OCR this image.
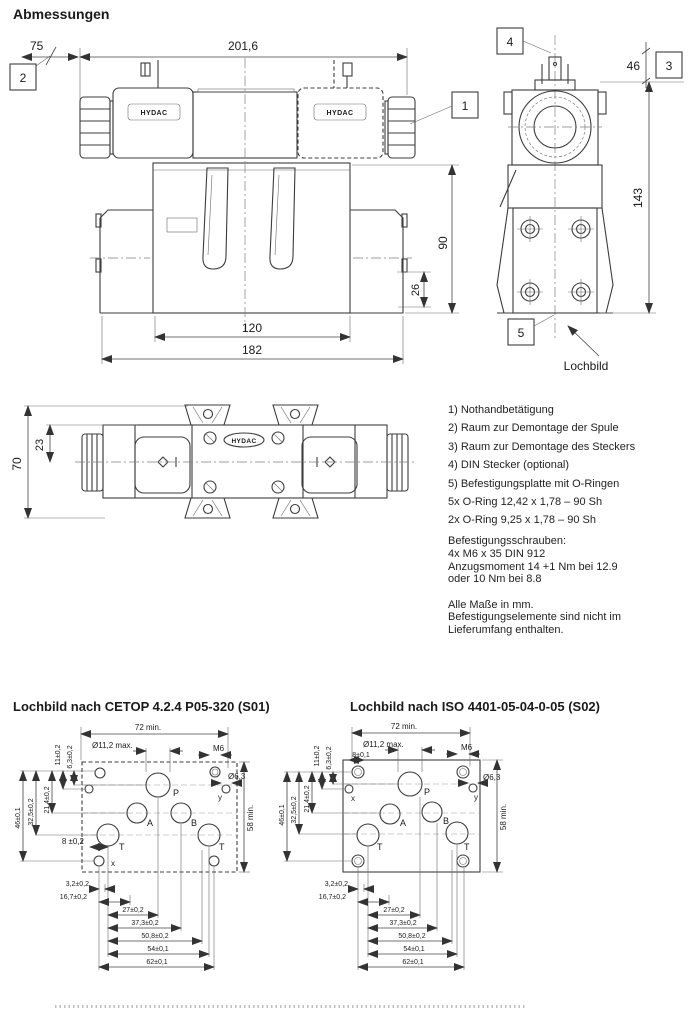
75
2
201,6
HYDAC	HYDAC
1
90
26
120
182
4
46 3
143
5
Lochbild
HYDAC
70
23
P
A	B
T	T
x
y
72 min.
Ø11,2 max.	M6
Ø6,3
58 min.
46±0,1 32,5±0,2 21,4±0,2
11±0,2 6,3±0,2
8 ±0,2
3,2±0,2
16,7±0,2
27±0,2
37,3±0,2
50,8±0,2
54±0,1
62±0,1
P
A	B
T	T
x	y
72 min.
Ø11,2 max.
8±0,1
M6
Ø6,3
58 min.
46±0,1 32,5±0,2 21,4±0,2
11±0,2 6,3±0,2
3,2±0,2
16,7±0,2
27±0,2
37,3±0,2
50,8±0,2
54±0,1
62±0,1
Abmessungen
1) Nothandbetätigung
2) Raum zur Demontage der Spule
3) Raum zur Demontage des Steckers
4) DIN Stecker (optional)
5) Befestigungsplatte mit O-Ringen
5x O-Ring 12,42 x 1,78 – 90 Sh
2x O-Ring 9,25 x 1,78 – 90 Sh
Befestigungsschrauben:
4x M6 x 35 DIN 912
Anzugsmoment 14 +1 Nm bei 12.9
oder 10 Nm bei 8.8
Alle Maße in mm.
Befestigungselemente sind nicht im
Lieferumfang enthalten.
Lochbild nach CETOP 4.2.4 P05-320 (S01)	Lochbild nach ISO 4401-05-04-0-05 (S02)
